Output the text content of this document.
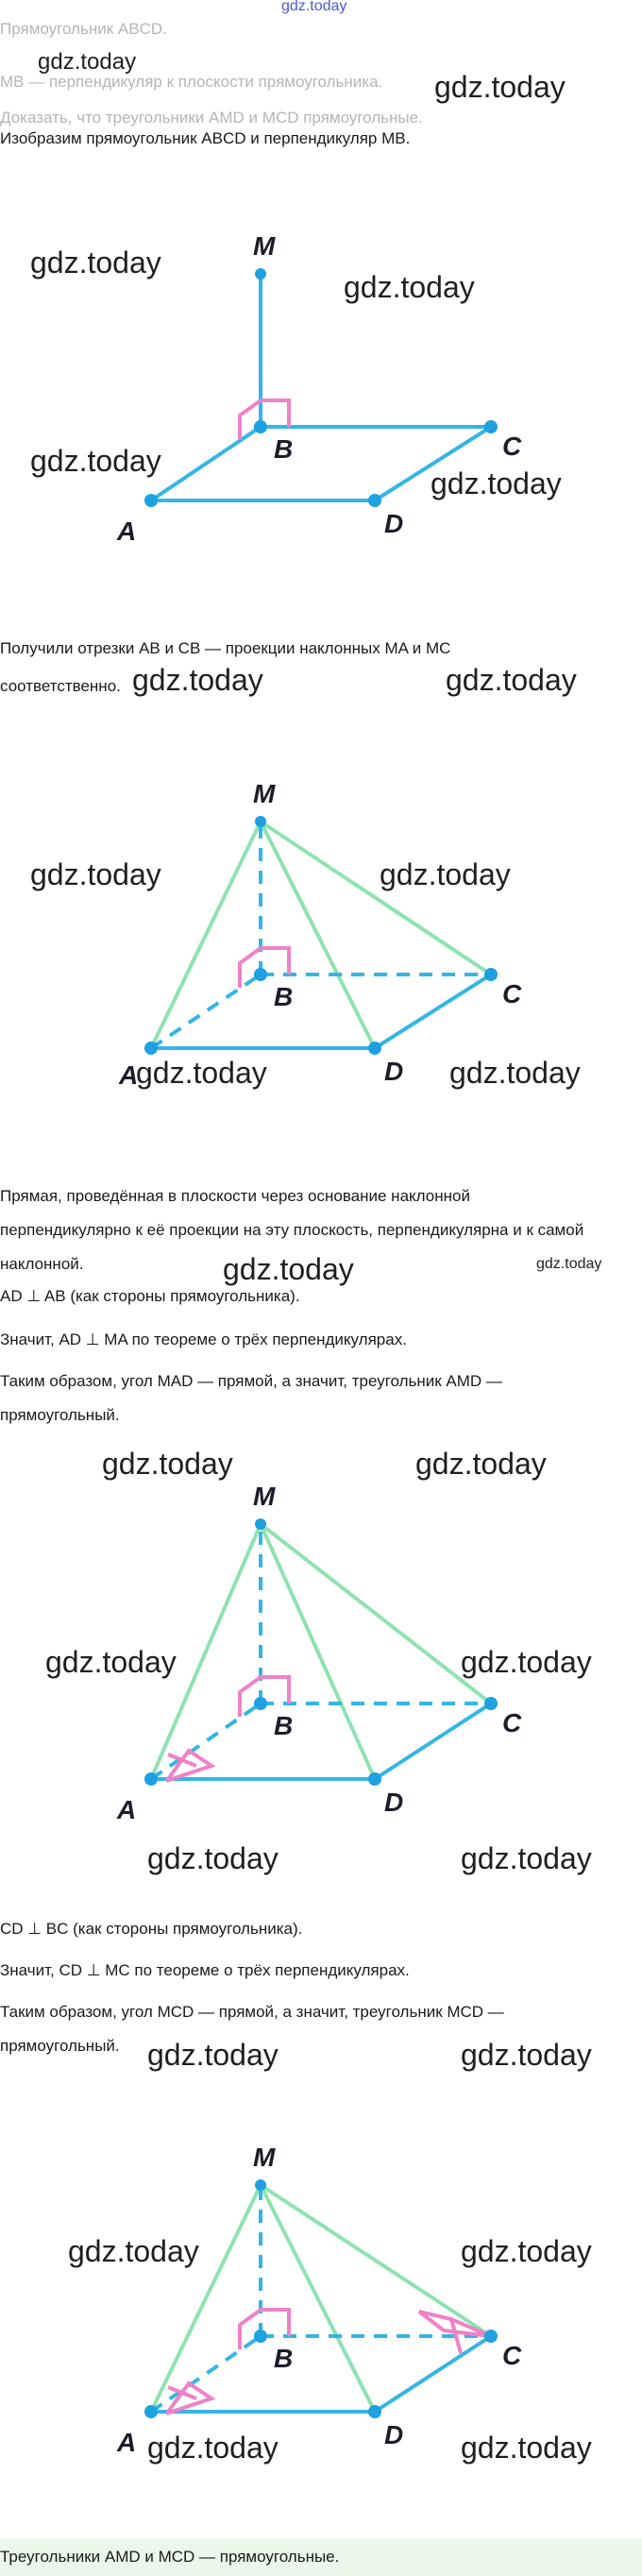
gdz.today
Прямоугольник ABCD.
MB — перпендикуляр к плоскости прямоугольника.
Доказать, что треугольники AMD и MCD прямоугольные.
Изобразим прямоугольник ABCD и перпендикуляр MB.
M
B	C
A	D
gdz.today
gdz.today
gdz.today
gdz.today
gdz.today
gdz.today
Получили отрезки AB и CB — проекции наклонных MA и MC
соответственно. gdz.today	gdz.today
M
B	C
A	D
gdz.today	gdz.today
gdz.today	gdz.today
Прямая, проведённая в плоскости через основание наклонной
перпендикулярно к её проекции на эту плоскость, перпендикулярна и к самой
наклонной.	gdz.today	gdz.today
AD ⊥ AB (как стороны прямоугольника).
Значит, AD ⊥ MA по теореме о трёх перпендикулярах.
Таким образом, угол MAD — прямой, а значит, треугольник AMD —
прямоугольный.
M
B	C
A	D
gdz.today	gdz.today
gdz.today	gdz.today
gdz.today	gdz.today
CD ⊥ BC (как стороны прямоугольника).
Значит, CD ⊥ MC по теореме о трёх перпендикулярах.
Таким образом, угол MCD — прямой, а значит, треугольник MCD —
прямоугольный. gdz.today	gdz.today
M
B	C
A	D
gdz.today	gdz.today
gdz.today	gdz.today
Треугольники AMD и MCD — прямоугольные.
